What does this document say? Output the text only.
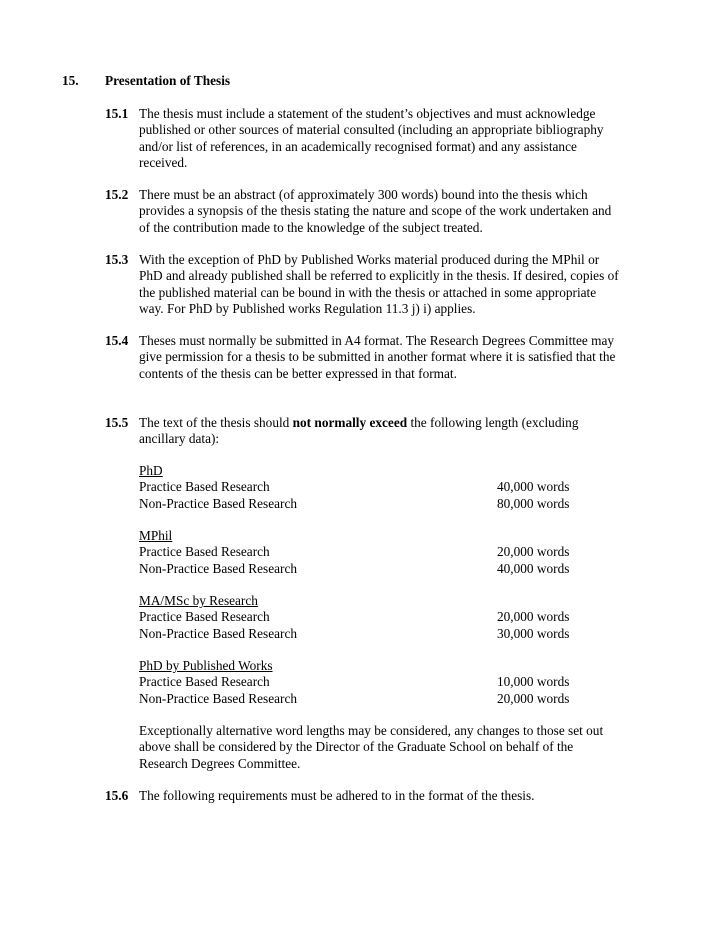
15. Presentation of Thesis
15.1 The thesis must include a statement of the student’s objectives and must acknowledge published or other sources of material consulted (including an appropriate bibliography and/or list of references, in an academically recognised format) and any assistance received.
15.2 There must be an abstract (of approximately 300 words) bound into the thesis which provides a synopsis of the thesis stating the nature and scope of the work undertaken and of the contribution made to the knowledge of the subject treated.
15.3 With the exception of PhD by Published Works material produced during the MPhil or PhD and already published shall be referred to explicitly in the thesis. If desired, copies of the published material can be bound in with the thesis or attached in some appropriate way. For PhD by Published works Regulation 11.3 j) i) applies.
15.4 Theses must normally be submitted in A4 format. The Research Degrees Committee may give permission for a thesis to be submitted in another format where it is satisfied that the contents of the thesis can be better expressed in that format.
15.5 The text of the thesis should not normally exceed the following length (excluding ancillary data):
PhD
Practice Based Research	40,000 words
Non-Practice Based Research	80,000 words
MPhil
Practice Based Research	20,000 words
Non-Practice Based Research	40,000 words
MA/MSc by Research
Practice Based Research	20,000 words
Non-Practice Based Research	30,000 words
PhD by Published Works
Practice Based Research	10,000 words
Non-Practice Based Research	20,000 words
Exceptionally alternative word lengths may be considered, any changes to those set out above shall be considered by the Director of the Graduate School on behalf of the Research Degrees Committee.
15.6 The following requirements must be adhered to in the format of the thesis.
